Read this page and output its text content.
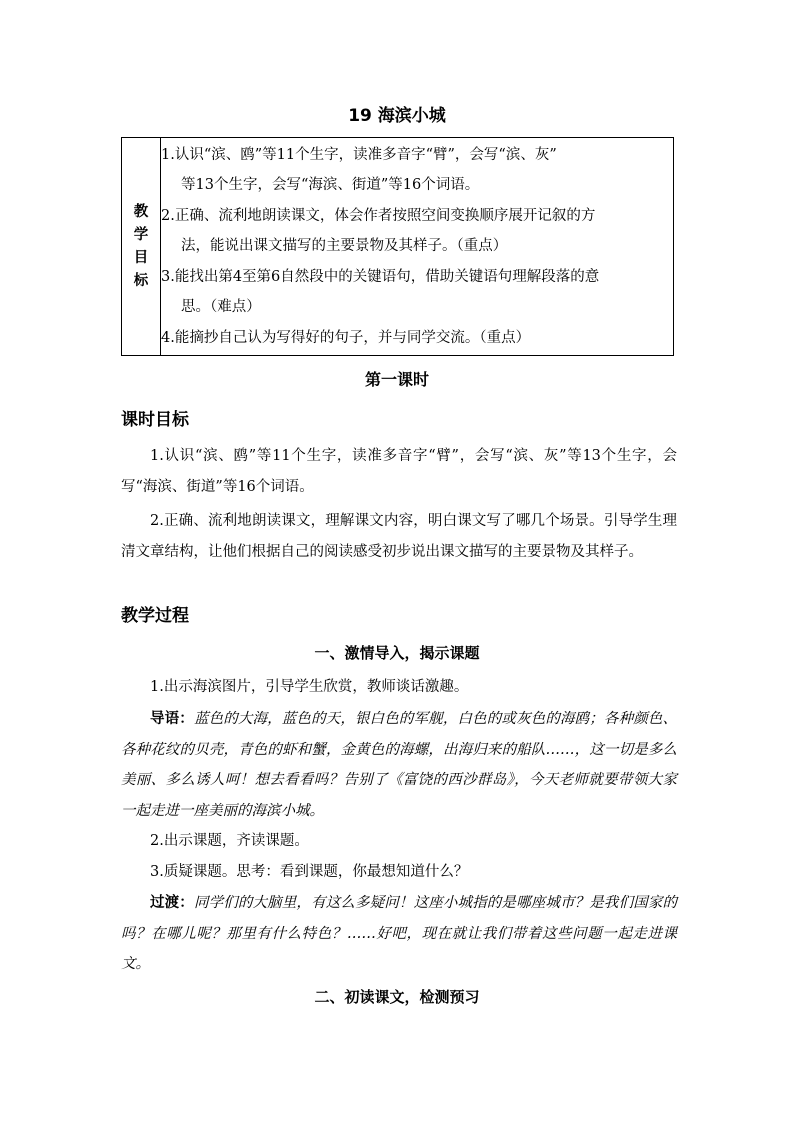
19 海滨小城
教
学
目
标

1.认识“滨、鸥”等11个生字，读准多音字“臂”，会写“滨、灰”
等13个生字，会写“海滨、街道”等16个词语。
2.正确、流利地朗读课文，体会作者按照空间变换顺序展开记叙的方
法，能说出课文描写的主要景物及其样子。（重点）
3.能找出第4至第6自然段中的关键语句，借助关键语句理解段落的意
思。（难点）
4.能摘抄自己认为写得好的句子，并与同学交流。（重点）
第一课时
课时目标
1.认识“滨、鸥”等11个生字，读准多音字“臂”，会写“滨、灰”等13个生字，会写“海滨、街道”等16个词语。
2.正确、流利地朗读课文，理解课文内容，明白课文写了哪几个场景。引导学生理清文章结构，让他们根据自己的阅读感受初步说出课文描写的主要景物及其样子。
教学过程
一、激情导入，揭示课题
1.出示海滨图片，引导学生欣赏，教师谈话激趣。
导语：蓝色的大海，蓝色的天，银白色的军舰，白色的或灰色的海鸥；各种颜色、各种花纹的贝壳，青色的虾和蟹，金黄色的海螺，出海归来的船队……，这一切是多么美丽、多么诱人呵！想去看看吗？告别了《富饶的西沙群岛》，今天老师就要带领大家一起走进一座美丽的海滨小城。
2.出示课题，齐读课题。
3.质疑课题。思考：看到课题，你最想知道什么？
过渡：同学们的大脑里，有这么多疑问！这座小城指的是哪座城市？是我们国家的吗？在哪儿呢？那里有什么特色？……好吧，现在就让我们带着这些问题一起走进课文。
二、初读课文，检测预习
